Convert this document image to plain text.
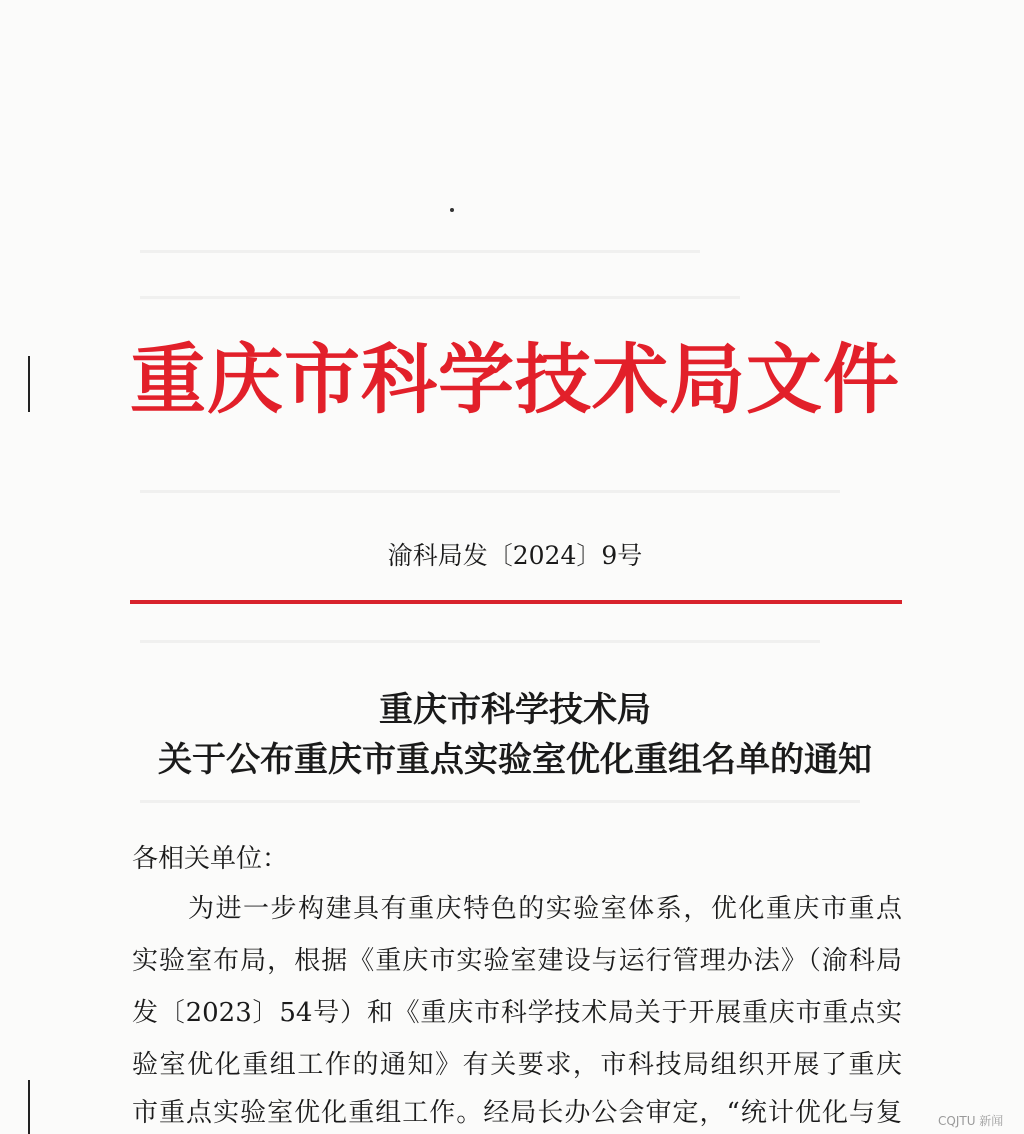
重庆市科学技术局文件
渝科局发〔2024〕9号
重庆市科学技术局
关于公布重庆市重点实验室优化重组名单的通知
各相关单位：
为进一步构建具有重庆特色的实验室体系，优化重庆市重点
实验室布局，根据《重庆市实验室建设与运行管理办法》（渝科局
发〔2023〕54号）和《重庆市科学技术局关于开展重庆市重点实
验室优化重组工作的通知》有关要求，市科技局组织开展了重庆
市重点实验室优化重组工作。经局长办公会审定，“统计优化与复	CQJTU 新闻
